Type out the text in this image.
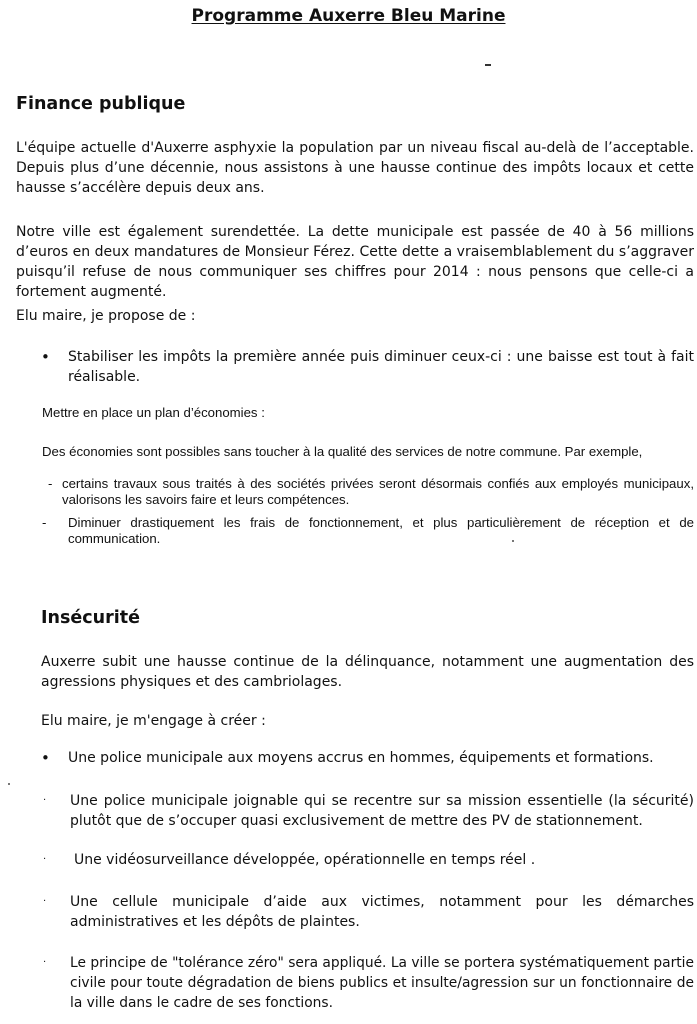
Programme Auxerre Bleu Marine
Finance publique
L'équipe actuelle d'Auxerre asphyxie la population par un niveau fiscal au-delà de l’acceptable. Depuis plus d’une décennie, nous assistons à une hausse continue des impôts locaux et cette hausse s’accélère depuis deux ans.
Notre ville est également surendettée. La dette municipale est passée de 40 à 56 millions d’euros en deux mandatures de Monsieur Férez. Cette dette a vraisemblablement du s’aggraver puisqu’il refuse de nous communiquer ses chiffres pour 2014 : nous pensons que celle-ci a fortement augmenté.
Elu maire, je propose de :
•	Stabiliser les impôts la première année puis diminuer ceux-ci : une baisse est tout à fait réalisable.
Mettre en place un plan d’économies :
Des économies sont possibles sans toucher à la qualité des services de notre commune. Par exemple,
- certains travaux sous traités à des sociétés privées seront désormais confiés aux employés municipaux, valorisons les savoirs faire et leurs compétences.
-	Diminuer drastiquement les frais de fonctionnement, et plus particulièrement de réception et de communication.
Insécurité
Auxerre subit une hausse continue de la délinquance, notamment une augmentation des agressions physiques et des cambriolages.
Elu maire, je m'engage à créer :
•	Une police municipale aux moyens accrus en hommes, équipements et formations.
·	Une police municipale joignable qui se recentre sur sa mission essentielle (la sécurité) plutôt que de s’occuper quasi exclusivement de mettre des PV de stationnement.
·	Une vidéosurveillance développée, opérationnelle en temps réel .
·	Une cellule municipale d’aide aux victimes, notamment pour les démarches administratives et les dépôts de plaintes.
·	Le principe de "tolérance zéro" sera appliqué. La ville se portera systématiquement partie civile pour toute dégradation de biens publics et insulte/agression sur un fonctionnaire de la ville dans le cadre de ses fonctions.
